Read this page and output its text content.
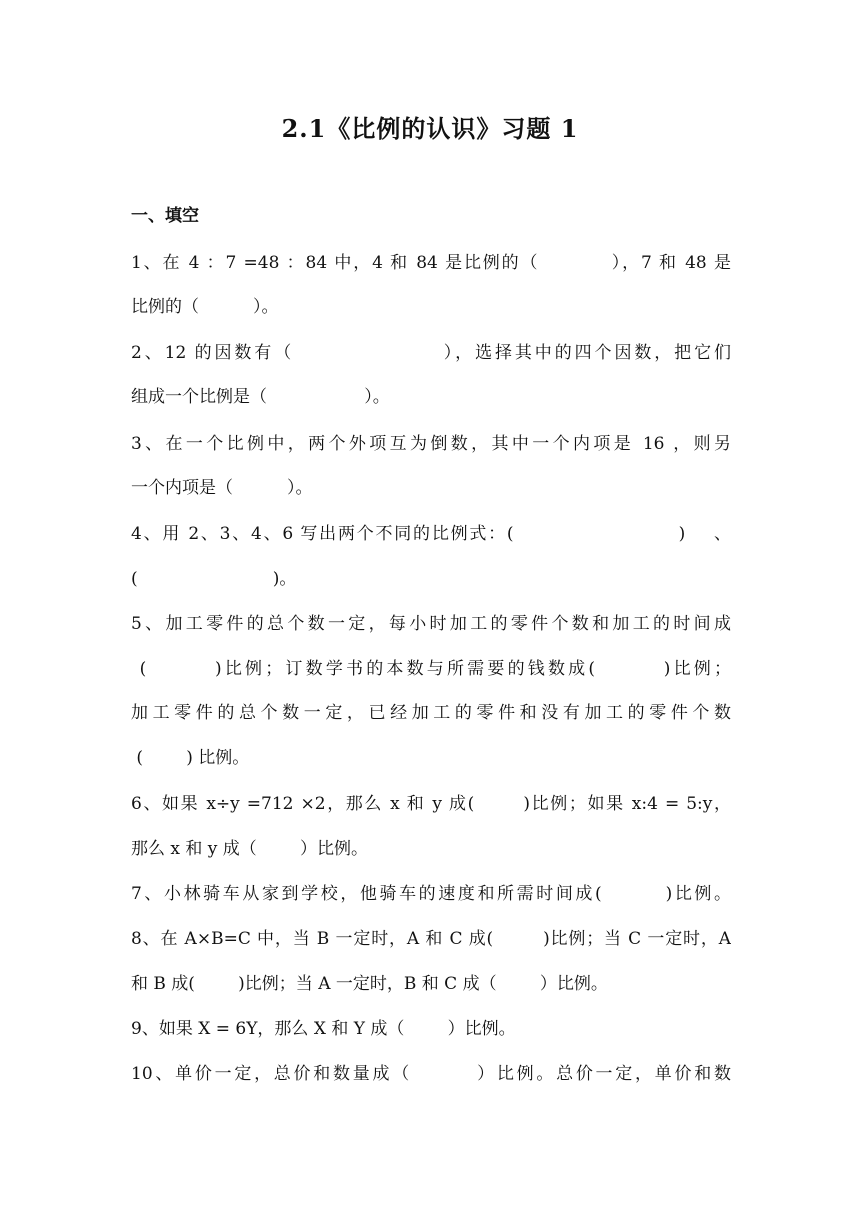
2.1《比例的认识》习题 1
一、填空
1、在 4 ：7 =48 ：84 中，4 和 84 是比例的（          ），7 和 48 是
比例的（          ）。
2、12 的因数有（                  ），选择其中的四个因数，把它们
组成一个比例是（                  ）。
3、在一个比例中，两个外项互为倒数，其中一个内项是 16 ，则另
一个内项是（          ）。
4、用 2、3、4、6 写出两个不同的比例式：(                       )    、
(                         )。
5、加工零件的总个数一定，每小时加工的零件个数和加工的时间成
(        )比例；订数学书的本数与所需要的钱数成(        )比例；
加工零件的总个数一定，已经加工的零件和没有加工的零件个数
(        ) 比例。
6、如果 x÷y =712 ×2，那么 x 和 y 成(       )比例；如果 x:4 = 5:y，
那么 x 和 y 成（        ）比例。
7、小林骑车从家到学校，他骑车的速度和所需时间成(        )比例。
8、在 A×B=C 中，当 B 一定时，A 和 C 成(        )比例；当 C 一定时，A
和 B 成(        )比例；当 A 一定时，B 和 C 成（        ）比例。
9、如果 X = 6Y，那么 X 和 Y 成（        ）比例。
10、单价一定，总价和数量成（        ）比例。总价一定，单价和数
